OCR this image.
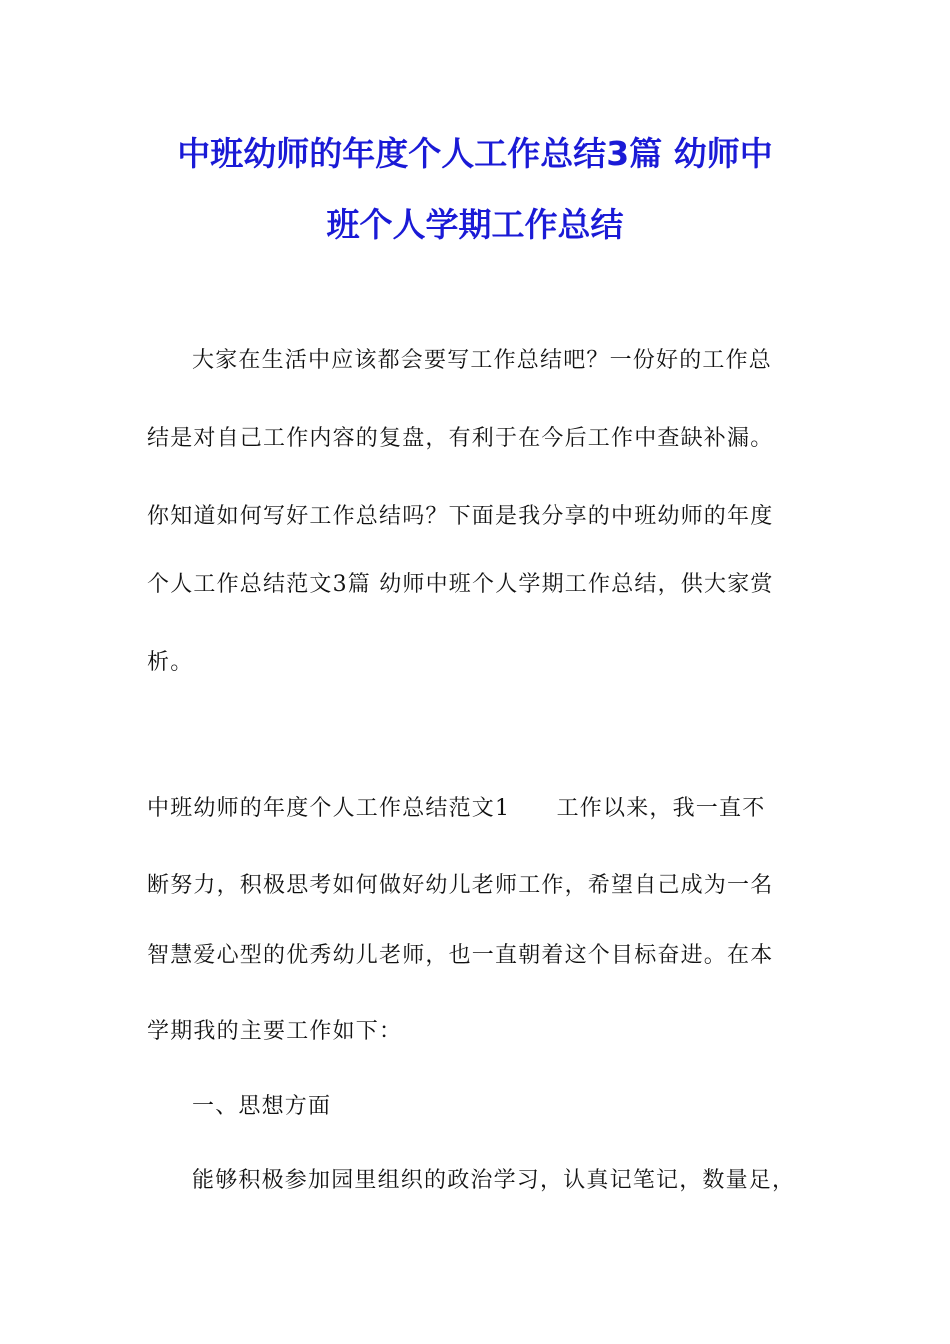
中班幼师的年度个人工作总结3篇 幼师中
班个人学期工作总结
大家在生活中应该都会要写工作总结吧？一份好的工作总
结是对自己工作内容的复盘，有利于在今后工作中查缺补漏。
你知道如何写好工作总结吗？下面是我分享的中班幼师的年度
个人工作总结范文3篇 幼师中班个人学期工作总结，供大家赏
析。
中班幼师的年度个人工作总结范文1　　工作以来，我一直不
断努力，积极思考如何做好幼儿老师工作，希望自己成为一名
智慧爱心型的优秀幼儿老师，也一直朝着这个目标奋进。在本
学期我的主要工作如下：
一、思想方面
能够积极参加园里组织的政治学习，认真记笔记，数量足，
